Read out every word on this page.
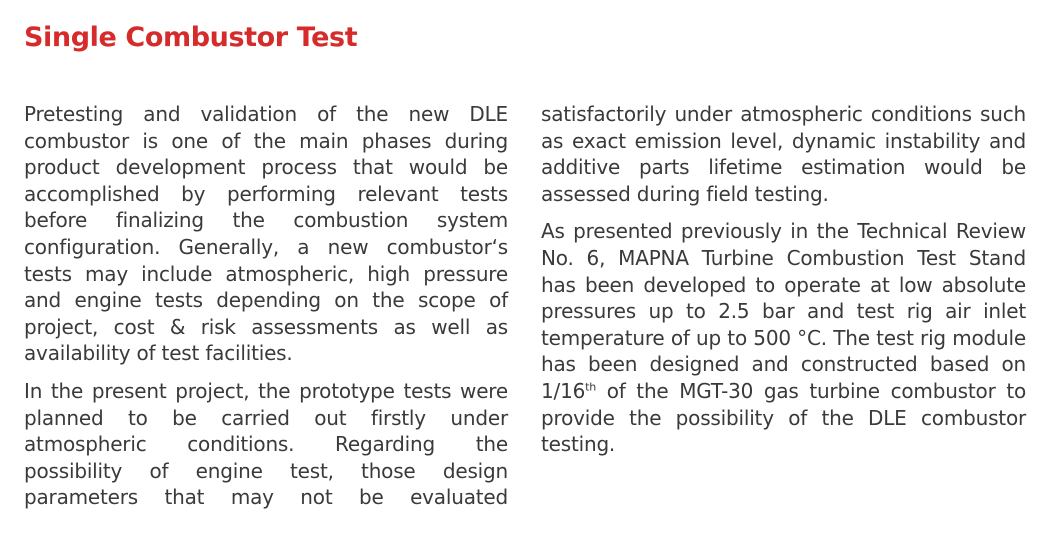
Single Combustor Test

Pretesting and validation of the new DLE combustor is one of the main phases during product development process that would be accomplished by performing relevant tests before finalizing the combustion system configuration. Generally, a new combustor‘s tests may include atmospheric, high pressure and engine tests depending on the scope of project, cost & risk assessments as well as availability of test facilities.

In the present project, the prototype tests were planned to be carried out firstly under atmospheric conditions. Regarding the possibility of engine test, those design parameters that may not be evaluated

satisfactorily under atmospheric conditions such as exact emission level, dynamic instability and additive parts lifetime estimation would be assessed during field testing.

As presented previously in the Technical Review No. 6, MAPNA Turbine Combustion Test Stand has been developed to operate at low absolute pressures up to 2.5 bar and test rig air inlet temperature of up to 500 °C. The test rig module has been designed and constructed based on 1/16th of the MGT-30 gas turbine combustor to provide the possibility of the DLE combustor testing.
